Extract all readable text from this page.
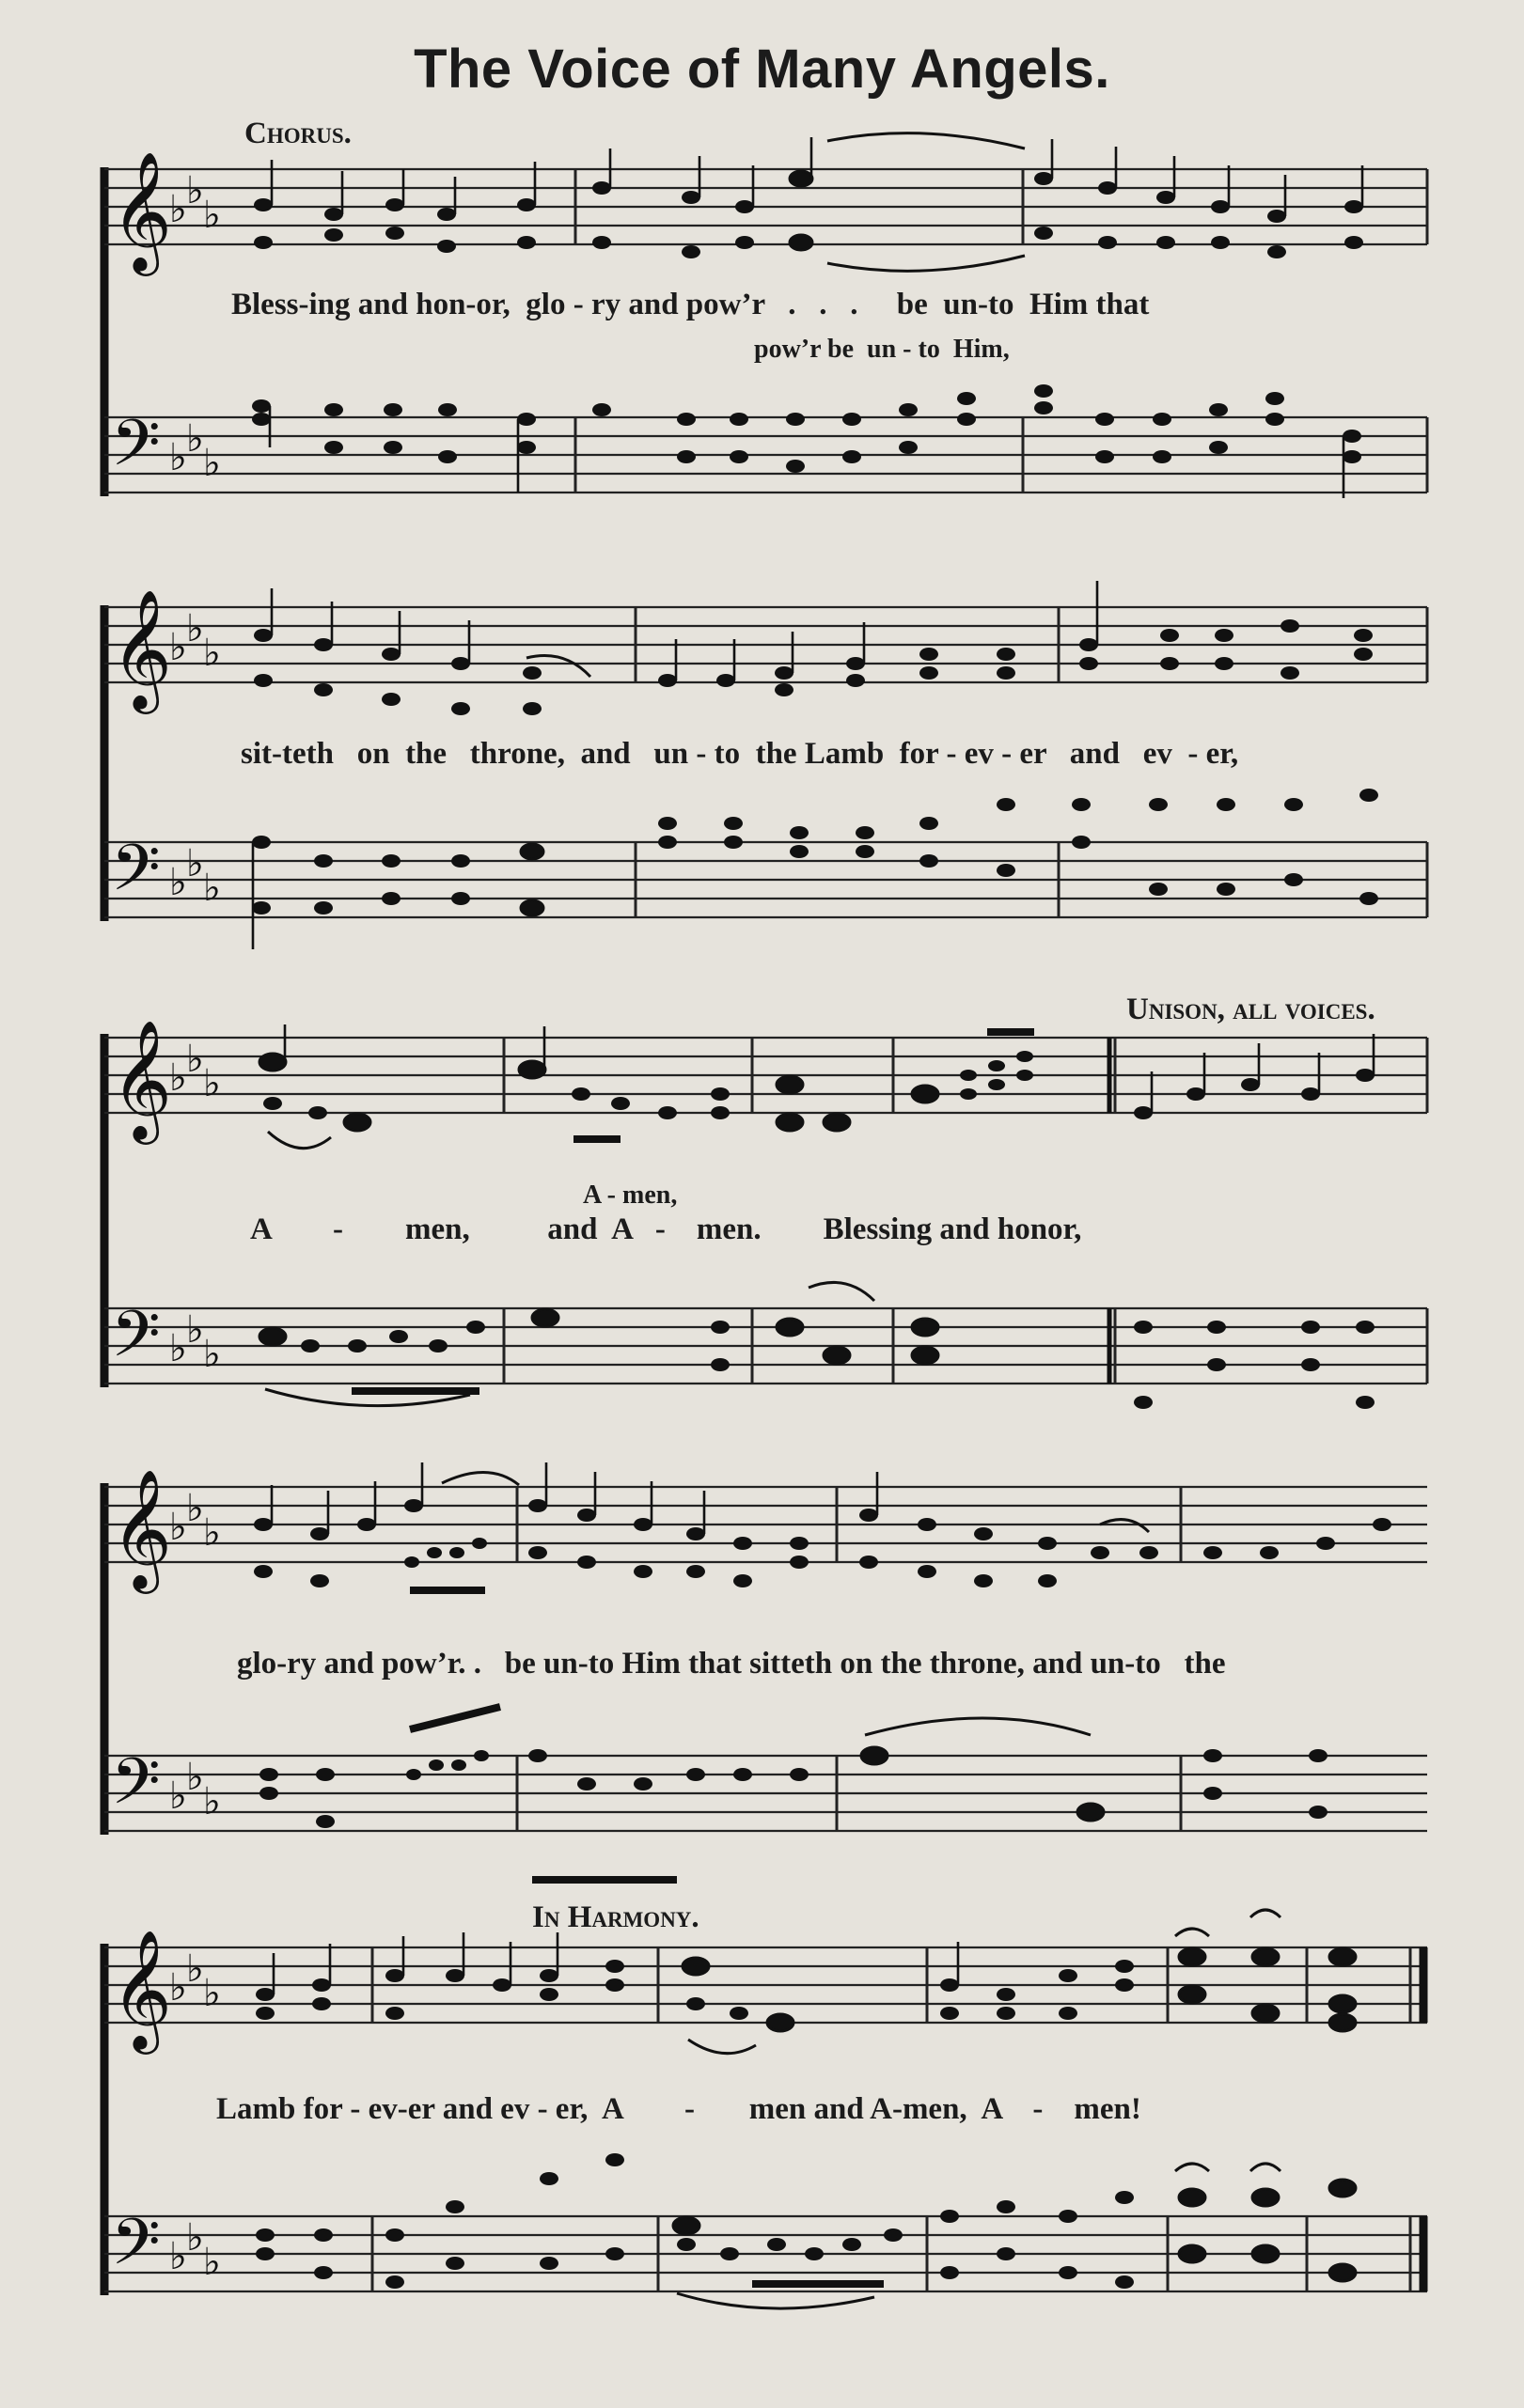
The Voice of Many Angels.
Chorus.
Unison, all voices.
In Harmony.
Bless-ing and hon-or,  glo - ry and pow’r   .   .   .     be  un-to  Him that
pow’r be  un - to  Him,
sit-teth   on  the   throne,  and   un - to  the Lamb  for - ev - er   and   ev  - er,
A - men,
A        -        men,          and  A   -    men.        Blessing and honor,
glo-ry and pow’r. .   be un-to Him that sitteth on the throne, and un-to   the
Lamb for - ev-er and ev - er,  A        -       men and A-men,  A    -    men!
𝄞
𝄢
♭ ♭
♭
♭ ♭
♭
𝄞
𝄢
♭ ♭
♭
♭ ♭
♭
𝄞
𝄢
♭ ♭
♭
♭ ♭
♭
𝄞
𝄢
♭ ♭
♭
♭ ♭
♭
𝄞
𝄢
♭ ♭
♭
♭ ♭
♭
